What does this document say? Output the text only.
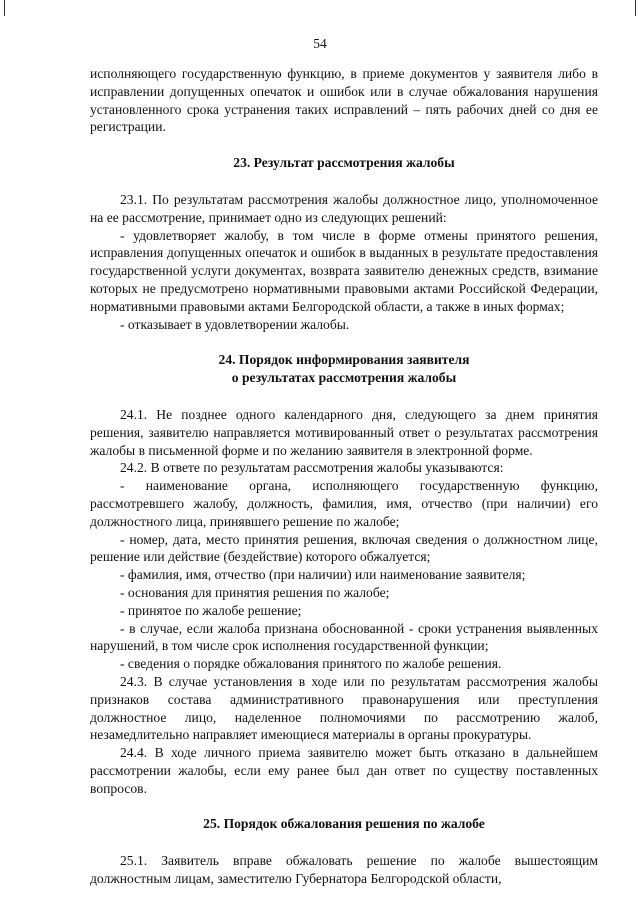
54

исполняющего государственную функцию, в приеме документов у заявителя либо в исправлении допущенных опечаток и ошибок или в случае обжалования нарушения установленного срока устранения таких исправлений – пять рабочих дней со дня ее регистрации.

23. Результат рассмотрения жалобы

23.1. По результатам рассмотрения жалобы должностное лицо, уполномоченное на ее рассмотрение, принимает одно из следующих решений:

- удовлетворяет жалобу, в том числе в форме отмены принятого решения, исправления допущенных опечаток и ошибок в выданных в результате предоставления государственной услуги документах, возврата заявителю денежных средств, взимание которых не предусмотрено нормативными правовыми актами Российской Федерации, нормативными правовыми актами Белгородской области, а также в иных формах;

- отказывает в удовлетворении жалобы.

24. Порядок информирования заявителя
о результатах рассмотрения жалобы

24.1. Не позднее одного календарного дня, следующего за днем принятия решения, заявителю направляется мотивированный ответ о результатах рассмотрения жалобы в письменной форме и по желанию заявителя в электронной форме.

24.2. В ответе по результатам рассмотрения жалобы указываются:

- наименование органа, исполняющего государственную функцию, рассмотревшего жалобу, должность, фамилия, имя, отчество (при наличии) его должностного лица, принявшего решение по жалобе;

- номер, дата, место принятия решения, включая сведения о должностном лице, решение или действие (бездействие) которого обжалуется;

- фамилия, имя, отчество (при наличии) или наименование заявителя;

- основания для принятия решения по жалобе;

- принятое по жалобе решение;

- в случае, если жалоба признана обоснованной - сроки устранения выявленных нарушений, в том числе срок исполнения государственной функции;

- сведения о порядке обжалования принятого по жалобе решения.

24.3. В случае установления в ходе или по результатам рассмотрения жалобы признаков состава административного правонарушения или преступления должностное лицо, наделенное полномочиями по рассмотрению жалоб, незамедлительно направляет имеющиеся материалы в органы прокуратуры.

24.4. В ходе личного приема заявителю может быть отказано в дальнейшем рассмотрении жалобы, если ему ранее был дан ответ по существу поставленных вопросов.

25. Порядок обжалования решения по жалобе

25.1. Заявитель вправе обжаловать решение по жалобе вышестоящим должностным лицам, заместителю Губернатора Белгородской области,
